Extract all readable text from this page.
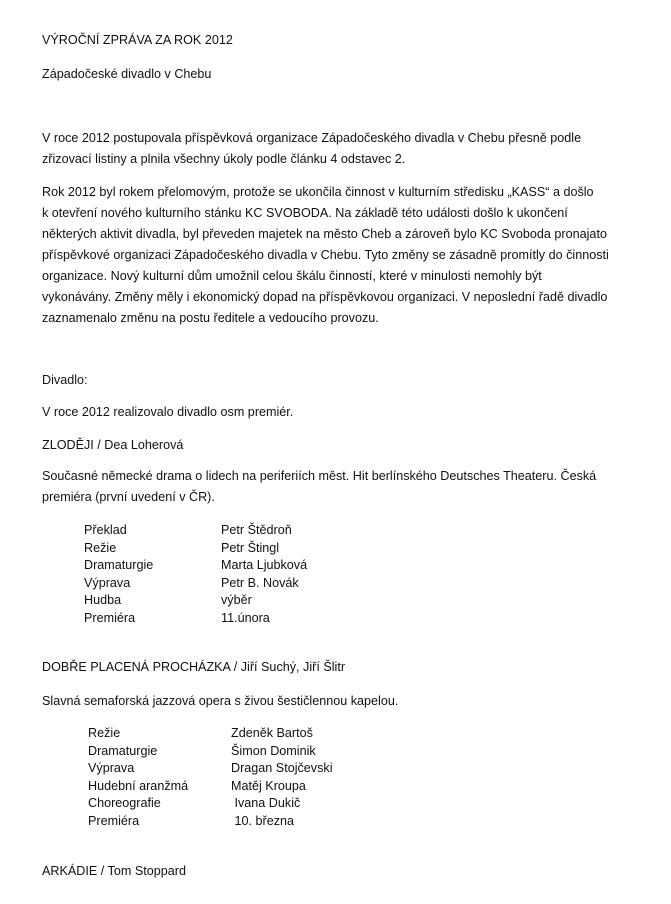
VÝROČNÍ ZPRÁVA ZA ROK 2012
Západočeské divadlo v Chebu
V roce 2012 postupovala příspěvková organizace Západočeského divadla v Chebu přesně podle
zřizovací listiny a plnila všechny úkoly podle článku 4 odstavec 2.
Rok 2012 byl rokem přelomovým, protože se ukončila činnost v kulturním středisku „KASS“ a došlo
k otevření nového kulturního stánku KC SVOBODA. Na základě této události došlo k ukončení
některých aktivit divadla, byl převeden majetek na město Cheb a zároveň bylo KC Svoboda pronajato
příspěvkové organizaci Západočeského divadla v Chebu. Tyto změny se zásadně promítly do činnosti
organizace. Nový kulturní dům umožnil celou škálu činností, které v minulosti nemohly být
vykonávány. Změny měly i ekonomický dopad na příspěvkovou organizaci. V neposlední řadě divadlo
zaznamenalo změnu na postu ředitele a vedoucího provozu.
Divadlo:
V roce 2012 realizovalo divadlo osm premiér.
ZLODĚJI / Dea Loherová
Současné německé drama o lidech na periferiích měst. Hit berlínského Deutsches Theateru. Česká
premiéra (první uvedení v ČR).
Překlad	Petr Štědroň
Režie	Petr Štingl
Dramaturgie	Marta Ljubková
Výprava	Petr B. Novák
Hudba	výběr
Premiéra	11.února
DOBŘE PLACENÁ PROCHÁZKA / Jiří Suchý, Jiří Šlitr
Slavná semaforská jazzová opera s živou šestičlennou kapelou.
Režie	Zdeněk Bartoš
Dramaturgie	Šimon Dominik
Výprava	Dragan Stojčevski
Hudební aranžmá	Matěj Kroupa
Choreografie	Ivana Dukič
Premiéra	10. března
ARKÁDIE / Tom Stoppard
